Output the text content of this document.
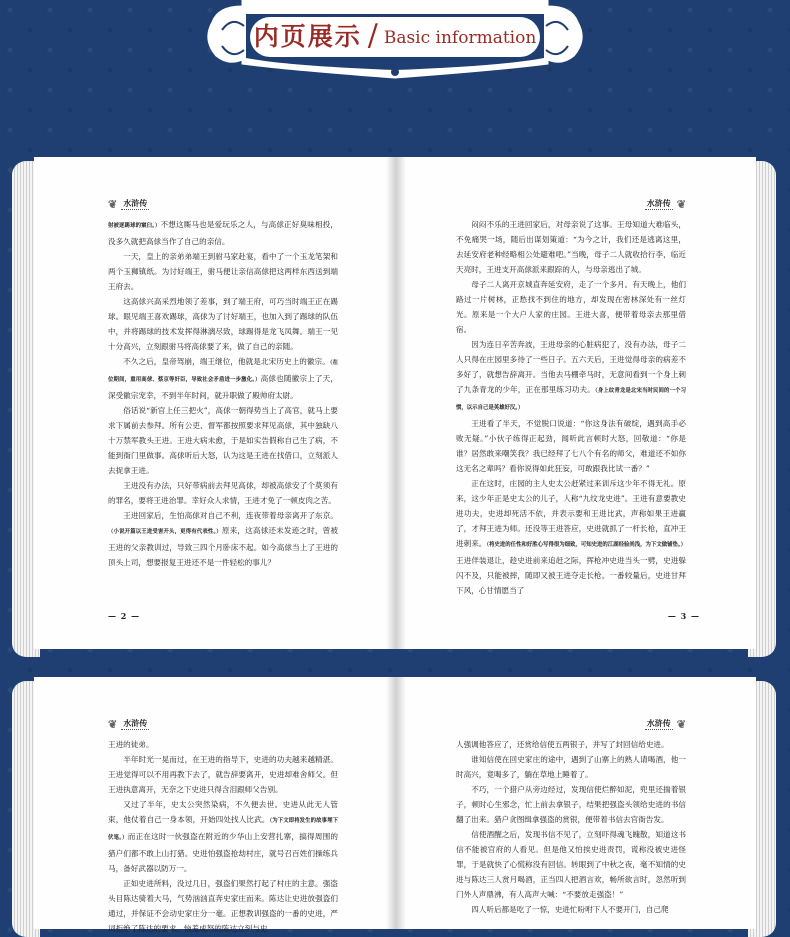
内页展示 / Basic information
❦ 水浒传

射被逐踢球的窠臼。）不想这厮马也是爱玩乐之人，与高俅正好臭味相投，没多久就把高俅当作了自己的亲信。

一天，皇上的亲弟弟端王到驸马家赴宴，看中了一个玉龙笔架和两个玉狮镇纸。为讨好端王，驸马便让亲信高俅把这两样东西送到端王府去。

这高俅兴高采烈地领了差事，到了端王府，可巧当时端王正在踢球。眼见端王喜欢踢球，高俅为了讨好端王，也加入到了踢球的队伍中，并将踢球的技术发挥得淋漓尽致，球踢得是龙飞凤舞。端王一见十分高兴，立刻跟驸马将高俅要了来，做了自己的亲随。

不久之后，皇帝驾崩，端王继位，他就是北宋历史上的徽宗。（在位期间，重用高俅、蔡京等奸臣，导致社会矛盾进一步激化。）高俅也随徽宗上了天，深受徽宗宠幸，不到半年时间，就升职做了殿帅府太尉。

俗话说“新官上任三把火”，高俅一朝得势当上了高官，就马上要求下属前去参拜。所有公吏、督军都按照要求拜见高俅，其中独缺八十万禁军教头王进。王进大病未愈，于是如实告假称自己生了病，不能到衙门里做事。高俅听后大怒，认为这是王进在找借口，立刻派人去捉拿王进。

王进没有办法，只好带病前去拜见高俅，却被高俅安了个莫须有的罪名，要将王进治罪。幸好众人求情，王进才免了一顿皮肉之苦。

王进回家后，生怕高俅对自己不利，连夜带着母亲离开了东京。（小说开篇以王进受害开头，更得有代表性。）原来，这高俅还未发迹之时，曾被王进的父亲教训过，导致三四个月卧床不起。如今高俅当上了王进的顶头上司，想要报复王进还不是一件轻松的事儿？

— 2 —
水浒传 ❦

闷闷不乐的王进回家后，对母亲说了这事。王母知道大难临头，不免痛哭一场，随后出谋划策道：“为今之计，我们还是逃离这里，去延安府老种经略相公处避难吧。”当晚，母子二人就收拾行李，临近天亮时，王进支开高俅派来跟踪的人，与母亲逃出了城。

母子二人离开京城直奔延安府，走了一个多月。有天晚上，他们路过一片树林，正愁找不到住的地方，却发现在密林深处有一丝灯光。原来是一个大户人家的庄园。王进大喜，便带着母亲去那里借宿。

因为连日辛苦奔波，王进母亲的心脏病犯了，没有办法，母子二人只得在庄园里多待了一些日子。五六天后，王进觉得母亲的病差不多好了，就想告辞离开。当他去马棚牵马时，无意间看到一个身上刺了九条青龙的少年，正在那里练习功夫。（身上纹青龙是北宋当时民间的一个习惯，以示自己是英雄好汉。）

王进看了半天，不觉脱口说道：“你这身法有破绽，遇到高手必败无疑。”小伙子练得正起劲，闻听此言顿时大怒，回敬道：“你是谁？居然敢来嘲笑我？我已经拜了七八个有名的师父，难道还不如你这无名之辈吗？看你说得如此狂妄，可敢跟我比试一番？”

正在这时，庄园的主人史太公赶紧过来训斥这少年不得无礼。原来，这少年正是史太公的儿子，人称“九纹龙史进”。王进有意要教史进功夫，史进却死活不依，并表示要和王进比武，声称如果王进赢了，才拜王进为师。还没等王进答应，史进就抓了一杆长枪，直冲王进刺来。（将史进的任性和好胜心写得很为细致，可知史进的江湖经验尚浅，为下文做铺垫。）王进佯装退让，趁史进前来追赶之际，挥枪冲史进当头一劈，史进躲闪不及，只能被摔，随即又被王进夺走长枪。一番较量后，史进甘拜下风，心甘情愿当了

— 3 —
❦ 水浒传

王进的徒弟。

半年时光一晃而过，在王进的指导下，史进的功夫越来越精湛。王进觉得可以不用再教下去了，就告辞要离开，史进却难舍师父。但王进执意离开，无奈之下史进只得含泪跟师父告别。

又过了半年，史太公突然染病，不久便去世。史进从此无人管束，他仗着自己一身本领，开始四处找人比武。（为下文即将发生的故事埋下伏笔。）而正在这时一伙强盗在附近的少华山上安营扎寨，搞得周围的猎户们都不敢上山打猎。史进怕强盗抢劫村庄，就号召百姓们操练兵马，备好武器以防万一。

正如史进所料，没过几日，强盗们果然打起了村庄的主意。强盗头目陈达骑着大马，气势汹汹直奔史家庄而来。陈达让史进放强盗们通过，并保证不会动史家庄分一毫。正想教训强盗的一番的史进，严词拒绝了陈达的要求。恼羞成怒的陈达立刻与史

水浒传 ❦

人强调他答应了，还赏给信使五两银子，并写了封回信给史进。

谁知信使在回史家庄的途中，遇到了山寨上的熟人请喝酒，他一时高兴，竟喝多了，躺在草地上睡着了。

不巧，一个猎户从旁边经过，发现信使烂醉如泥，兜里还揣着银子，顿时心生邪念，忙上前去拿银子，结果把强盗头领给史进的书信翻了出来。猎户贪图缉拿强盗的赏银，便带着书信去官衙告发。

信使酒醒之后，发现书信不见了，立刻吓得魂飞魄散，知道这书信不能被官府的人看见。但是他又怕挨史进责罚，谎称没被史进怪罪，于是就快了心慌称没有回信。转眼到了中秋之夜，毫不知情的史进与陈达三人赏月喝酒，正当四人把酒言欢，畅所欲言时，忽然听到门外人声鼎沸，有人高声大喊：“不要放走强盗！”

四人听后都是吃了一惊，史进忙吩咐下人不要开门，自己爬
